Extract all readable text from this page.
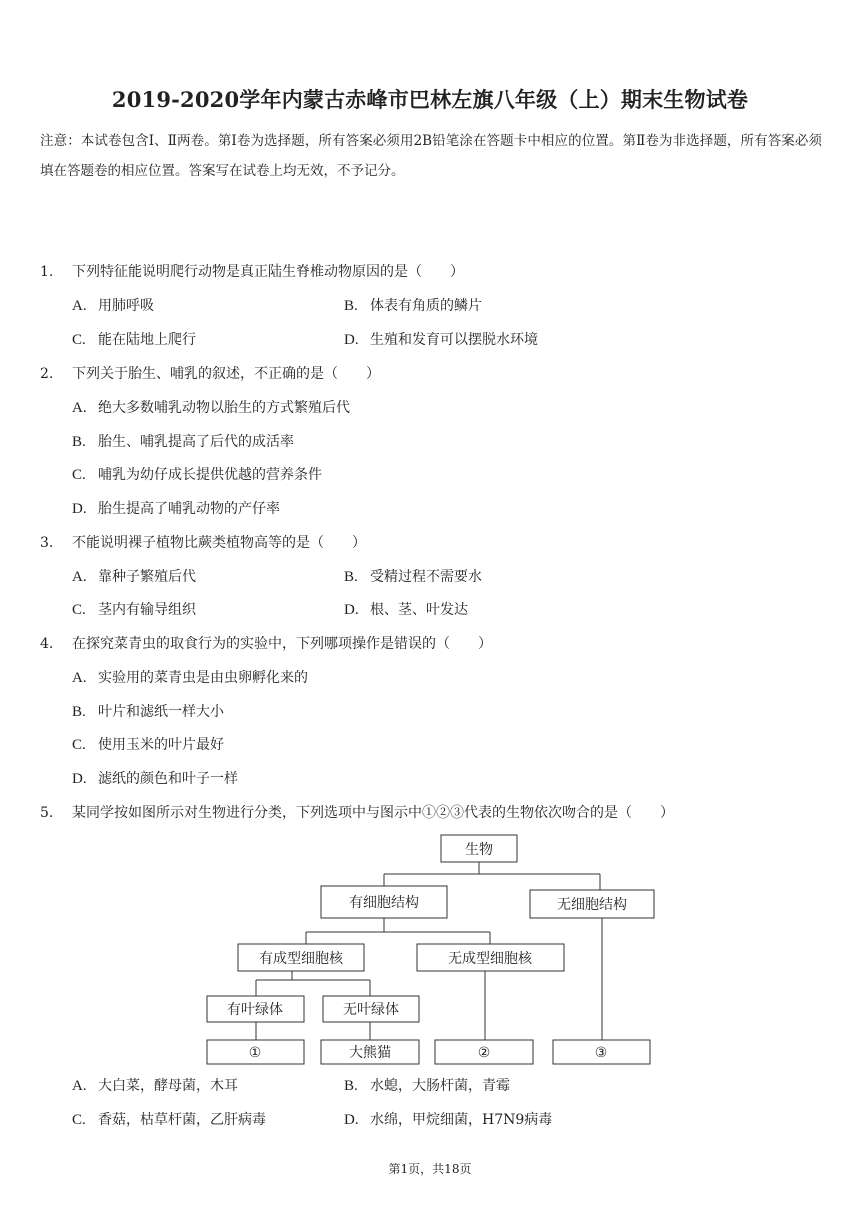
2019-2020学年内蒙古赤峰市巴林左旗八年级（上）期末生物试卷
注意：本试卷包含Ⅰ、Ⅱ两卷。第Ⅰ卷为选择题，所有答案必须用2B铅笔涂在答题卡中相应的位置。第Ⅱ卷为非选择题，所有答案必须填在答题卷的相应位置。答案写在试卷上均无效，不予记分。
1. 下列特征能说明爬行动物是真正陆生脊椎动物原因的是（　　）
A. 用肺呼吸	B. 体表有角质的鳞片
C. 能在陆地上爬行	D. 生殖和发育可以摆脱水环境
2. 下列关于胎生、哺乳的叙述，不正确的是（　　）
A. 绝大多数哺乳动物以胎生的方式繁殖后代
B. 胎生、哺乳提高了后代的成活率
C. 哺乳为幼仔成长提供优越的营养条件
D. 胎生提高了哺乳动物的产仔率
3. 不能说明裸子植物比蕨类植物高等的是（　　）
A. 靠种子繁殖后代	B. 受精过程不需要水
C. 茎内有输导组织	D. 根、茎、叶发达
4. 在探究菜青虫的取食行为的实验中，下列哪项操作是错误的（　　）
A. 实验用的菜青虫是由虫卵孵化来的
B. 叶片和滤纸一样大小
C. 使用玉米的叶片最好
D. 滤纸的颜色和叶子一样
5. 某同学按如图所示对生物进行分类，下列选项中与图示中①②③代表的生物依次吻合的是（　　）
生物
有细胞结构	无细胞结构
有成型细胞核	无成型细胞核
有叶绿体	无叶绿体
①	大熊猫	②	③
A. 大白菜，酵母菌，木耳	B. 水螅，大肠杆菌，青霉
C. 香菇，枯草杆菌，乙肝病毒	D. 水绵，甲烷细菌，H7N9病毒
第1页，共18页
